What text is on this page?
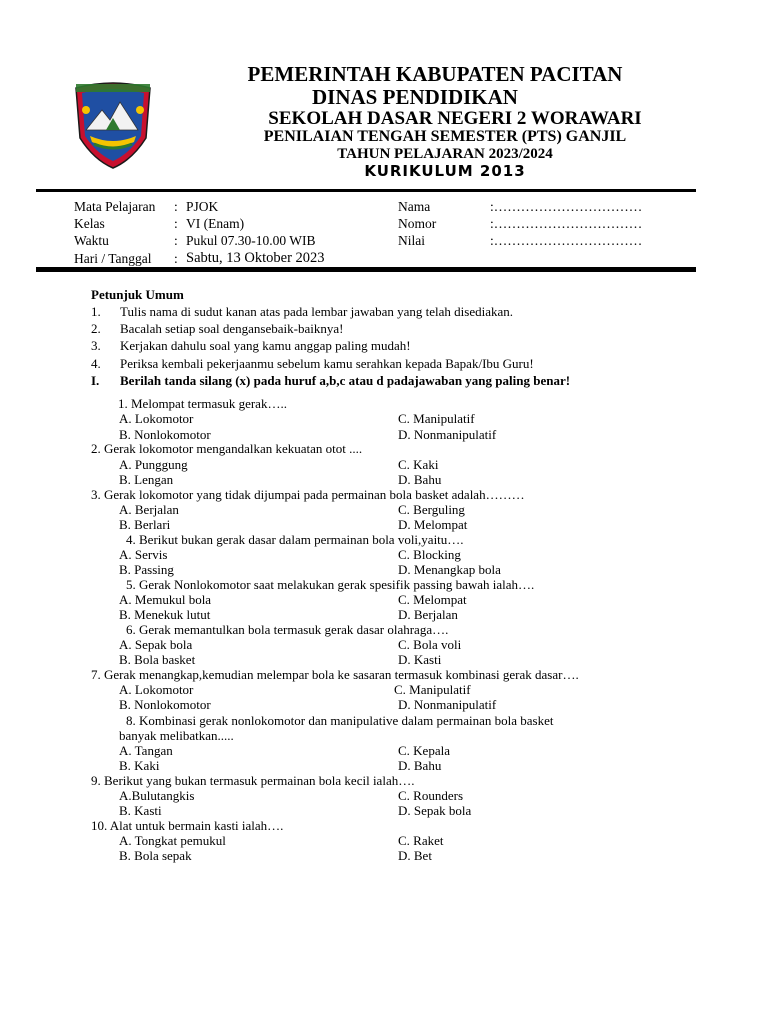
PEMERINTAH KABUPATEN PACITAN
DINAS PENDIDIKAN
SEKOLAH DASAR NEGERI 2 WORAWARI
PENILAIAN TENGAH SEMESTER (PTS) GANJIL
TAHUN PELAJARAN 2023/2024
KURIKULUM 2013
Mata Pelajaran : PJOK
Kelas	: VI (Enam)
Waktu	: Pukul 07.30-10.00 WIB
Hari / Tanggal : Sabtu, 13 Oktober 2023
Nama	:……………………………
Nomor	:……………………………
Nilai	:……………………………
Petunjuk Umum
1. Tulis nama di sudut kanan atas pada lembar jawaban yang telah disediakan.
2. Bacalah setiap soal dengansebaik-baiknya!
3. Kerjakan dahulu soal yang kamu anggap paling mudah!
4. Periksa kembali pekerjaanmu sebelum kamu serahkan kepada Bapak/Ibu Guru!
I. Berilah tanda silang (x) pada huruf a,b,c atau d padajawaban yang paling benar!
1. Melompat termasuk gerak…..
A. Lokomotor	C. Manipulatif
B. Nonlokomotor	D. Nonmanipulatif
2. Gerak lokomotor mengandalkan kekuatan otot ....
A. Punggung	C. Kaki
B. Lengan	D. Bahu
3. Gerak lokomotor yang tidak dijumpai pada permainan bola basket adalah………
A. Berjalan	C. Berguling
B. Berlari	D. Melompat
4. Berikut bukan gerak dasar dalam permainan bola voli,yaitu….
A. Servis	C. Blocking
B. Passing	D. Menangkap bola
5. Gerak Nonlokomotor saat melakukan gerak spesifik passing bawah ialah….
A. Memukul bola	C. Melompat
B. Menekuk lutut	D. Berjalan
6. Gerak memantulkan bola termasuk gerak dasar olahraga….
A. Sepak bola	C. Bola voli
B. Bola basket	D. Kasti
7. Gerak menangkap,kemudian melempar bola ke sasaran termasuk kombinasi gerak dasar….
A. Lokomotor	C. Manipulatif
B. Nonlokomotor	D. Nonmanipulatif
8. Kombinasi gerak nonlokomotor dan manipulative dalam permainan bola basket
banyak melibatkan.....
A. Tangan	C. Kepala
B. Kaki	D. Bahu
9. Berikut yang bukan termasuk permainan bola kecil ialah….
A.Bulutangkis	C. Rounders
B. Kasti	D. Sepak bola
10. Alat untuk bermain kasti ialah….
A. Tongkat pemukul	C. Raket
B. Bola sepak	D. Bet
